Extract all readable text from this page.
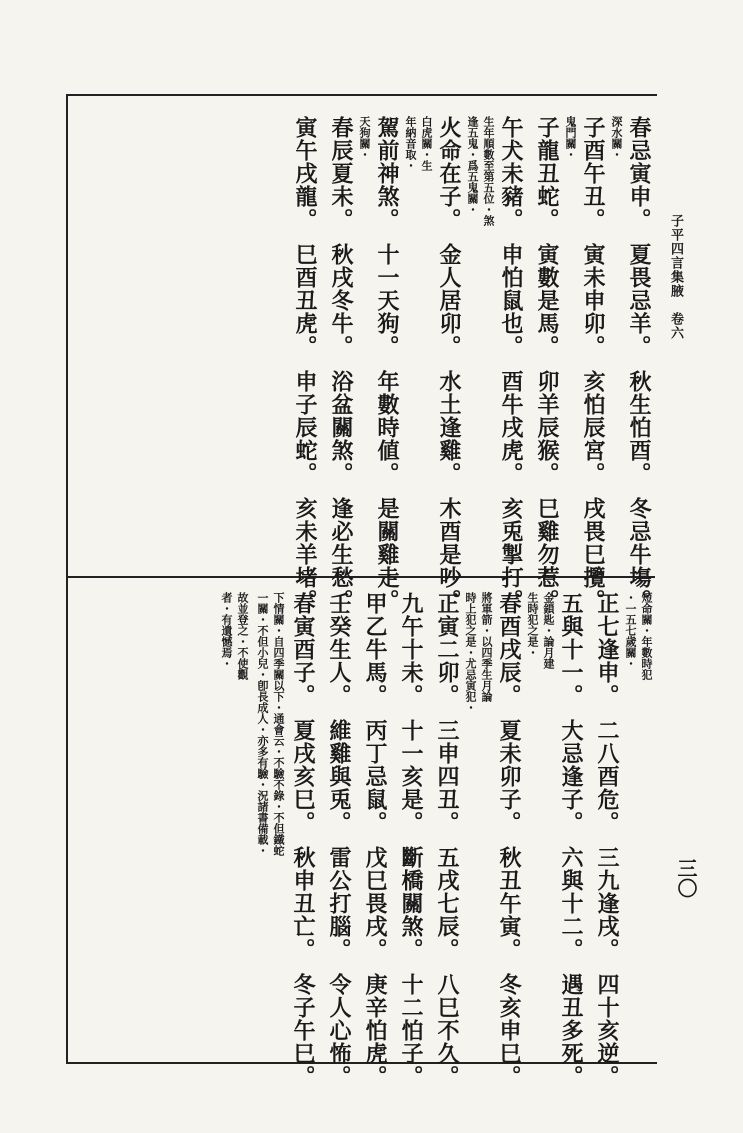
子平四言集腋　卷六
三〇
春忌寅申。　夏畏忌羊。　秋生怕酉。　冬忌牛塲。
深水關・
子酉午丑。　寅未申卯。　亥怕辰宮。　戌畏巳攬。
鬼門關・
子龍丑蛇。　寅數是馬。　卯羊辰猴。　巳雞勿惹。
午犬未豬。　申怕鼠也。　酉牛戌虎。　亥兎掣打。
生年順數至第五位・煞
逢五鬼・爲五鬼關・
火命在子。　金人居卯。　水土逢雞。　木酉是吵。
白虎關・生
年納音取・
駕前神煞。　十一天狗。　年數時値。　是關雞走。
天狗關・
春辰夏未。　秋戌冬牛。　浴盆關煞。　逢必生愁。
寅午戌龍。　巳酉丑虎。　申子辰蛇。　亥未羊堵。
短命關・年數時犯
・一五七歲關・
正七逢申。　二八酉危。　三九逢戌。　四十亥逆。
五與十一。　大忌逢子。　六與十二。　遇丑多死。
金鎖匙・論月建
生時犯之是・
春酉戌辰。　夏未卯子。　秋丑午寅。　冬亥申巳。
將軍箭・以四季生月論
時上犯之是・尤忌寅犯・
正寅二卯。　三申四丑。　五戌七辰。　八巳不久。
九午十未。　十一亥是。　斷橋關煞。　十二怕子。
甲乙牛馬。　丙丁忌鼠。　戊巳畏戌。　庚辛怕虎。
壬癸生人。　維雞與兎。　雷公打腦。　令人心怖。
春寅酉子。　夏戌亥巳。　秋申丑亡。　冬子午巳。
下情關・自四季關以下・通會云・不驗不錄・不但鐵蛇
一關・不但小兒・卽長成人・亦多有驗・況諸書備載・
故並登之・不使觀
者・有遺憾焉・
